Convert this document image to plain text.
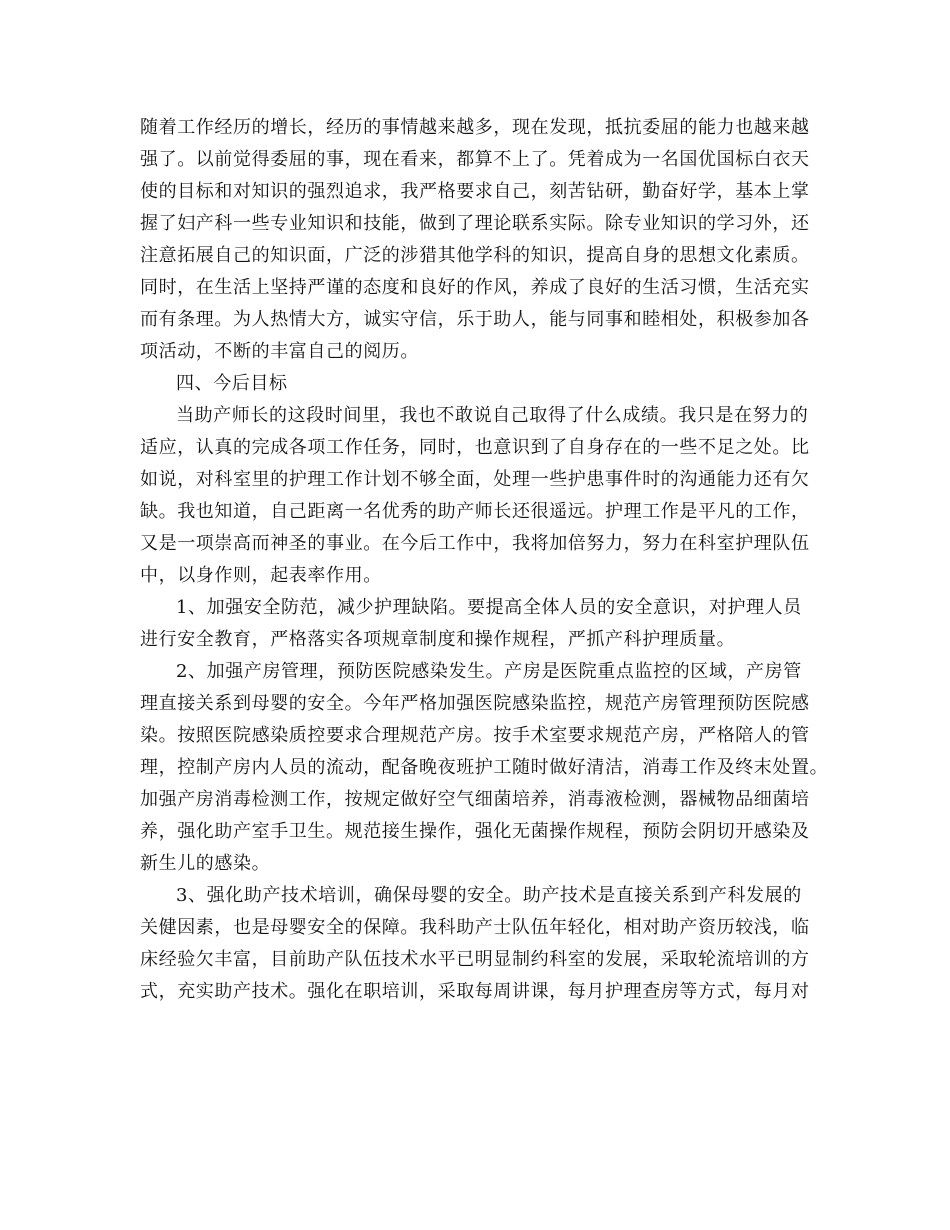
随着工作经历的增长，经历的事情越来越多，现在发现，抵抗委屈的能力也越来越
强了。以前觉得委屈的事，现在看来，都算不上了。凭着成为一名国优国标白衣天
使的目标和对知识的强烈追求，我严格要求自己，刻苦钻研，勤奋好学，基本上掌
握了妇产科一些专业知识和技能，做到了理论联系实际。除专业知识的学习外，还
注意拓展自己的知识面，广泛的涉猎其他学科的知识，提高自身的思想文化素质。
同时，在生活上坚持严谨的态度和良好的作风，养成了良好的生活习惯，生活充实
而有条理。为人热情大方，诚实守信，乐于助人，能与同事和睦相处，积极参加各
项活动，不断的丰富自己的阅历。
四、今后目标
当助产师长的这段时间里，我也不敢说自己取得了什么成绩。我只是在努力的
适应，认真的完成各项工作任务，同时，也意识到了自身存在的一些不足之处。比
如说，对科室里的护理工作计划不够全面，处理一些护患事件时的沟通能力还有欠
缺。我也知道，自己距离一名优秀的助产师长还很遥远。护理工作是平凡的工作，
又是一项崇高而神圣的事业。在今后工作中，我将加倍努力，努力在科室护理队伍
中，以身作则，起表率作用。
1、加强安全防范，减少护理缺陷。要提高全体人员的安全意识，对护理人员
进行安全教育，严格落实各项规章制度和操作规程，严抓产科护理质量。
2、加强产房管理，预防医院感染发生。产房是医院重点监控的区域，产房管
理直接关系到母婴的安全。今年严格加强医院感染监控，规范产房管理预防医院感
染。按照医院感染质控要求合理规范产房。按手术室要求规范产房，严格陪人的管
理，控制产房内人员的流动，配备晚夜班护工随时做好清洁，消毒工作及终末处置。
加强产房消毒检测工作，按规定做好空气细菌培养，消毒液检测，器械物品细菌培
养，强化助产室手卫生。规范接生操作，强化无菌操作规程，预防会阴切开感染及
新生儿的感染。
3、强化助产技术培训，确保母婴的安全。助产技术是直接关系到产科发展的
关健因素，也是母婴安全的保障。我科助产士队伍年轻化，相对助产资历较浅，临
床经验欠丰富，目前助产队伍技术水平已明显制约科室的发展，采取轮流培训的方
式，充实助产技术。强化在职培训，采取每周讲课，每月护理查房等方式，每月对
